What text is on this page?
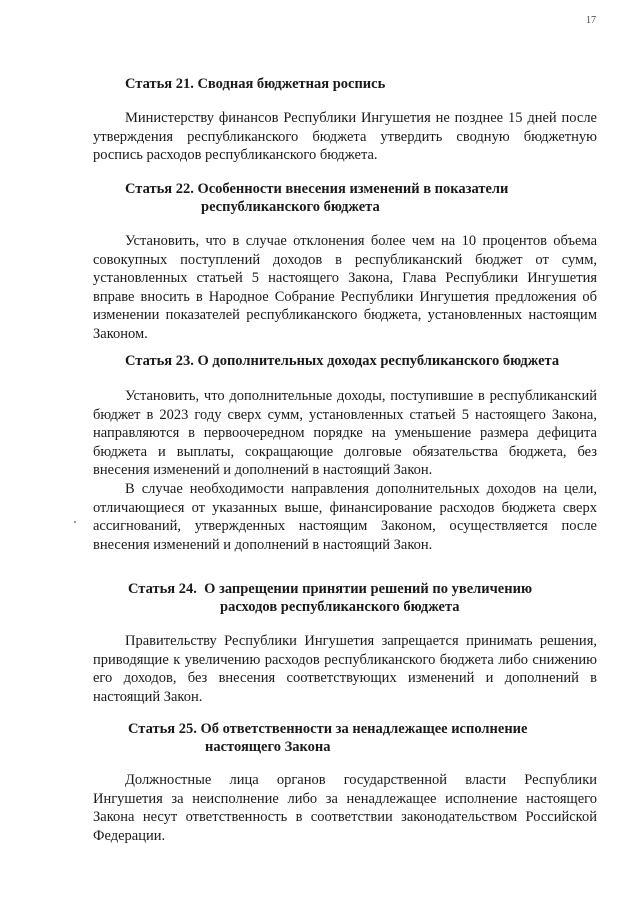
17
Статья 21. Сводная бюджетная роспись

Министерству финансов Республики Ингушетия не позднее 15 дней после утверждения республиканского бюджета утвердить сводную бюджетную роспись расходов республиканского бюджета.

Статья 22. Особенности внесения изменений в показатели
республиканского бюджета

Установить, что в случае отклонения более чем на 10 процентов объема совокупных поступлений доходов в республиканский бюджет от сумм, установленных статьей 5 настоящего Закона, Глава Республики Ингушетия вправе вносить в Народное Собрание Республики Ингушетия предложения об изменении показателей республиканского бюджета, установленных настоящим Законом.

Статья 23. О дополнительных доходах республиканского бюджета

Установить, что дополнительные доходы, поступившие в республиканский бюджет в 2023 году сверх сумм, установленных статьей 5 настоящего Закона, направляются в первоочередном порядке на уменьшение размера дефицита бюджета и выплаты, сокращающие долговые обязательства бюджета, без внесения изменений и дополнений в настоящий Закон.

В случае необходимости направления дополнительных доходов на цели, отличающиеся от указанных выше, финансирование расходов бюджета сверх ассигнований, утвержденных настоящим Законом, осуществляется после внесения изменений и дополнений в настоящий Закон.

Статья 24.  О запрещении принятии решений по увеличению
расходов республиканского бюджета

Правительству Республики Ингушетия запрещается принимать решения, приводящие к увеличению расходов республиканского бюджета либо снижению его доходов, без внесения соответствующих изменений и дополнений в настоящий Закон.

Статья 25. Об ответственности за ненадлежащее исполнение
настоящего Закона

Должностные лица органов государственной власти Республики Ингушетия за неисполнение либо за ненадлежащее исполнение настоящего Закона несут ответственность в соответствии законодательством Российской Федерации.
